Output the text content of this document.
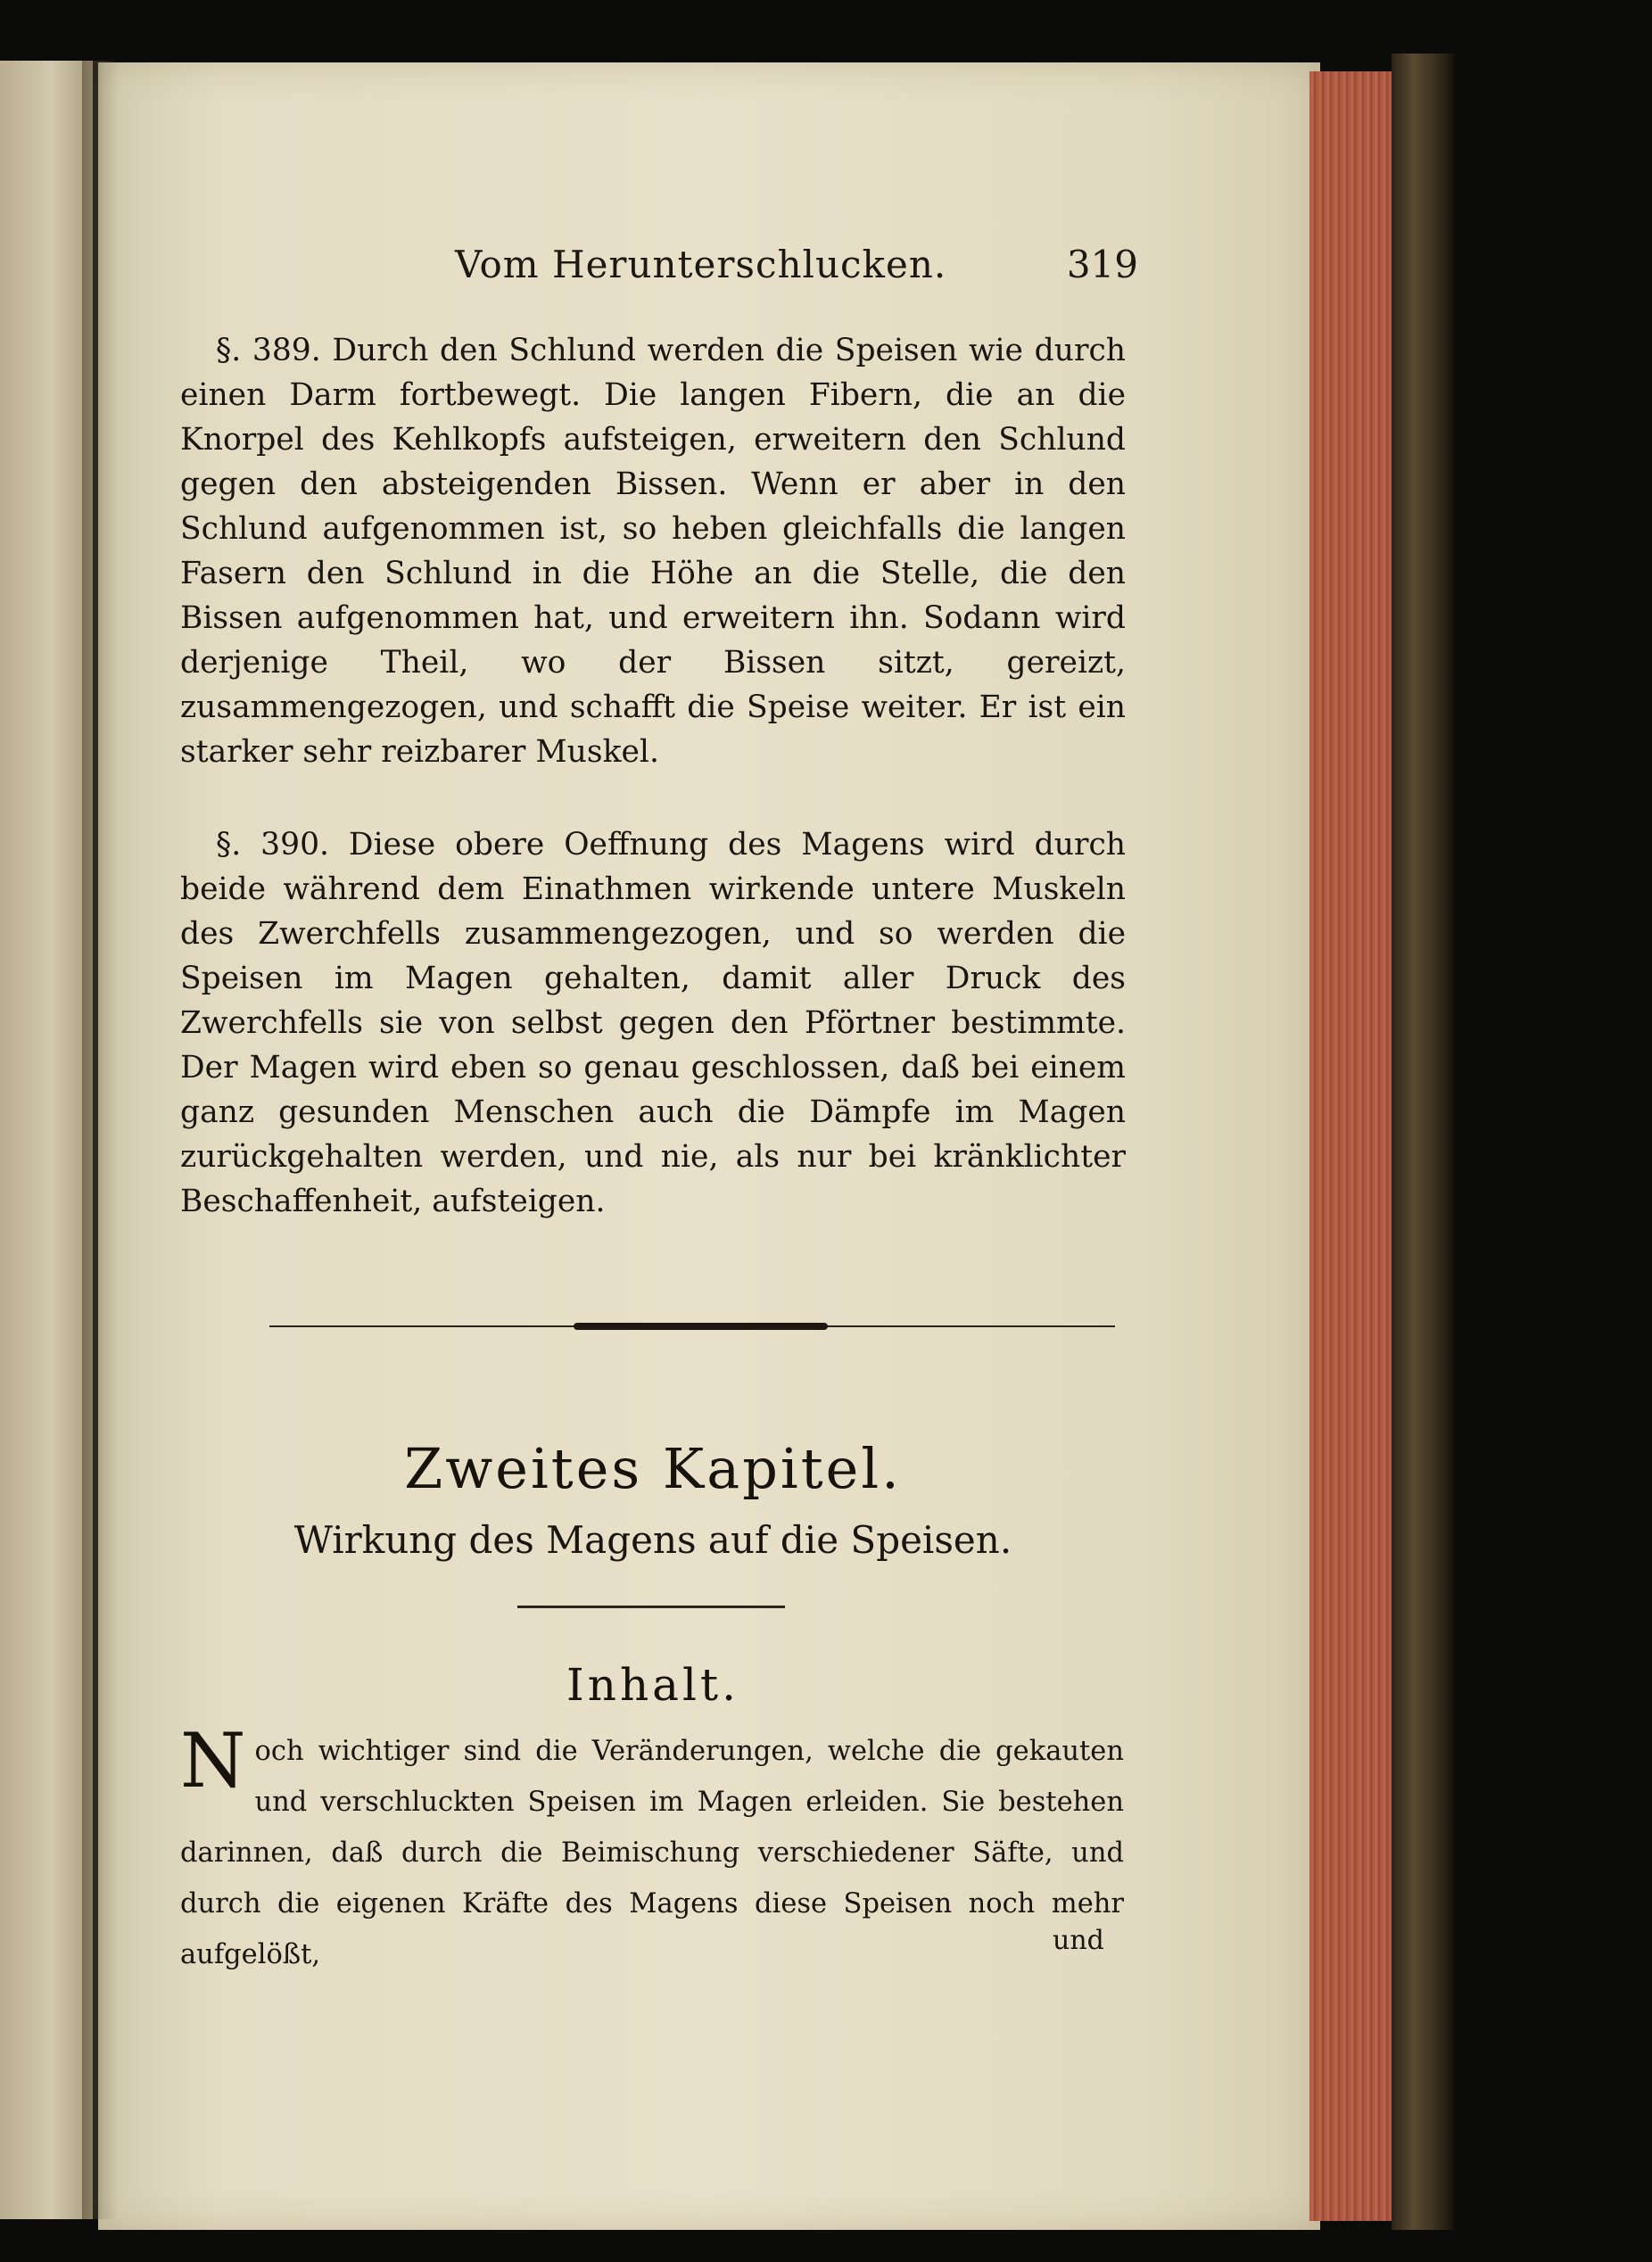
Vom Herunterschlucken.	319

§. 389. Durch den Schlund werden die Speisen wie durch einen Darm fortbewegt. Die langen Fibern, die an die Knorpel des Kehlkopfs aufsteigen, erweitern den Schlund gegen den absteigenden Bissen. Wenn er aber in den Schlund aufgenommen ist, so heben gleichfalls die langen Fasern den Schlund in die Höhe an die Stelle, die den Bissen aufgenommen hat, und erweitern ihn. Sodann wird derjenige Theil, wo der Bissen sitzt, gereizt, zusammengezogen, und schafft die Speise weiter. Er ist ein starker sehr reizbarer Muskel.

§. 390. Diese obere Oeffnung des Magens wird durch beide während dem Einathmen wirkende untere Muskeln des Zwerchfells zusammengezogen, und so werden die Speisen im Magen gehalten, damit aller Druck des Zwerchfells sie von selbst gegen den Pförtner bestimmte. Der Magen wird eben so genau geschlossen, daß bei einem ganz gesunden Menschen auch die Dämpfe im Magen zurückgehalten werden, und nie, als nur bei kränklichter Beschaffenheit, aufsteigen.

Zweites Kapitel.
Wirkung des Magens auf die Speisen.
Inhalt.

N och wichtiger sind die Veränderungen, welche die gekauten und verschluckten Speisen im Magen erleiden. Sie bestehen darinnen, daß durch die Beimischung verschiedener Säfte, und durch die eigenen Kräfte des Magens diese Speisen noch mehr aufgelößt,	und
